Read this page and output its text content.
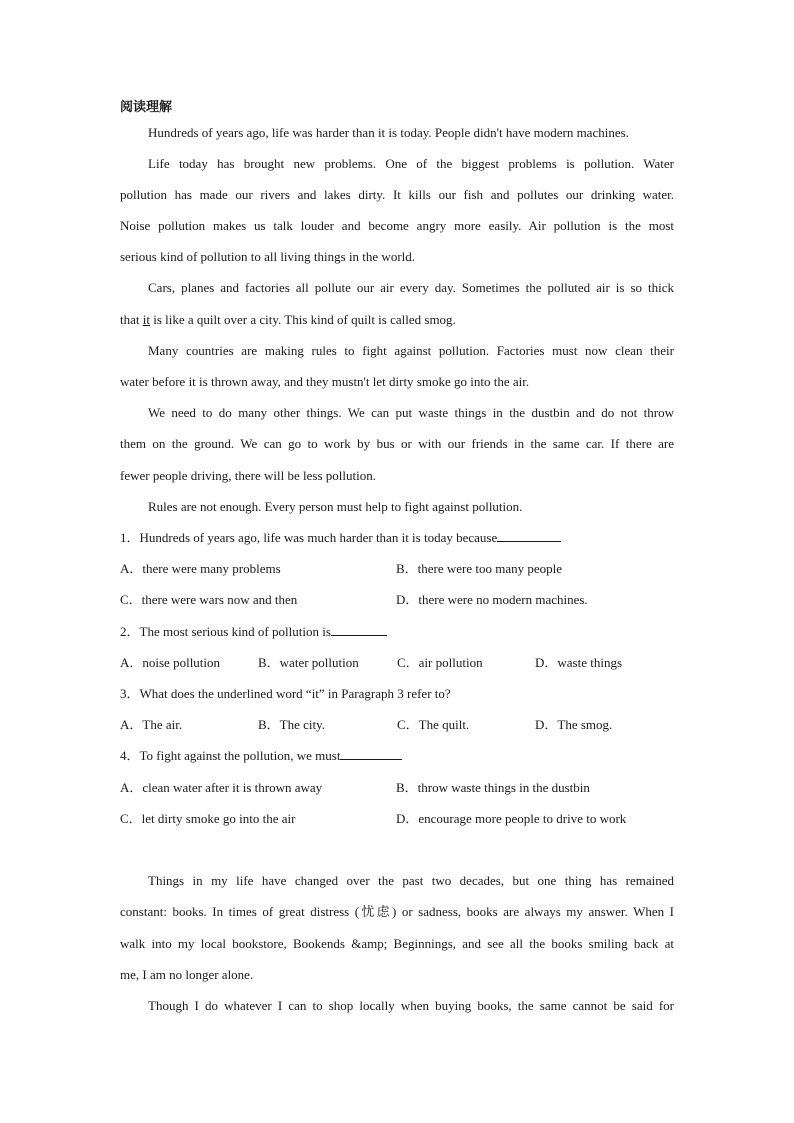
阅读理解
Hundreds of years ago, life was harder than it is today. People didn't have modern machines.
Life today has brought new problems. One of the biggest problems is pollution. Water
pollution has made our rivers and lakes dirty. It kills our fish and pollutes our drinking water.
Noise pollution makes us talk louder and become angry more easily. Air pollution is the most
serious kind of pollution to all living things in the world.
Cars, planes and factories all pollute our air every day. Sometimes the polluted air is so thick
that it is like a quilt over a city. This kind of quilt is called smog.
Many countries are making rules to fight against pollution. Factories must now clean their
water before it is thrown away, and they mustn't let dirty smoke go into the air.
We need to do many other things. We can put waste things in the dustbin and do not throw
them on the ground. We can go to work by bus or with our friends in the same car. If there are
fewer people driving, there will be less pollution.
Rules are not enough. Every person must help to fight against pollution.
1．Hundreds of years ago, life was much harder than it is today because
A．there were many problems	B．there were too many people
C．there were wars now and then	D．there were no modern machines.
2．The most serious kind of pollution is
A．noise pollution	B．water pollution	C．air pollution	D．waste things
3．What does the underlined word “it” in Paragraph 3 refer to?
A．The air.	B．The city.	C．The quilt.	D．The smog.
4．To fight against the pollution, we must
A．clean water after it is thrown away	B．throw waste things in the dustbin
C．let dirty smoke go into the air	D．encourage more people to drive to work
Things in my life have changed over the past two decades, but one thing has remained
constant: books. In times of great distress (忧虑) or sadness, books are always my answer. When I
walk into my local bookstore, Bookends &amp; Beginnings, and see all the books smiling back at
me, I am no longer alone.
Though I do whatever I can to shop locally when buying books, the same cannot be said for
